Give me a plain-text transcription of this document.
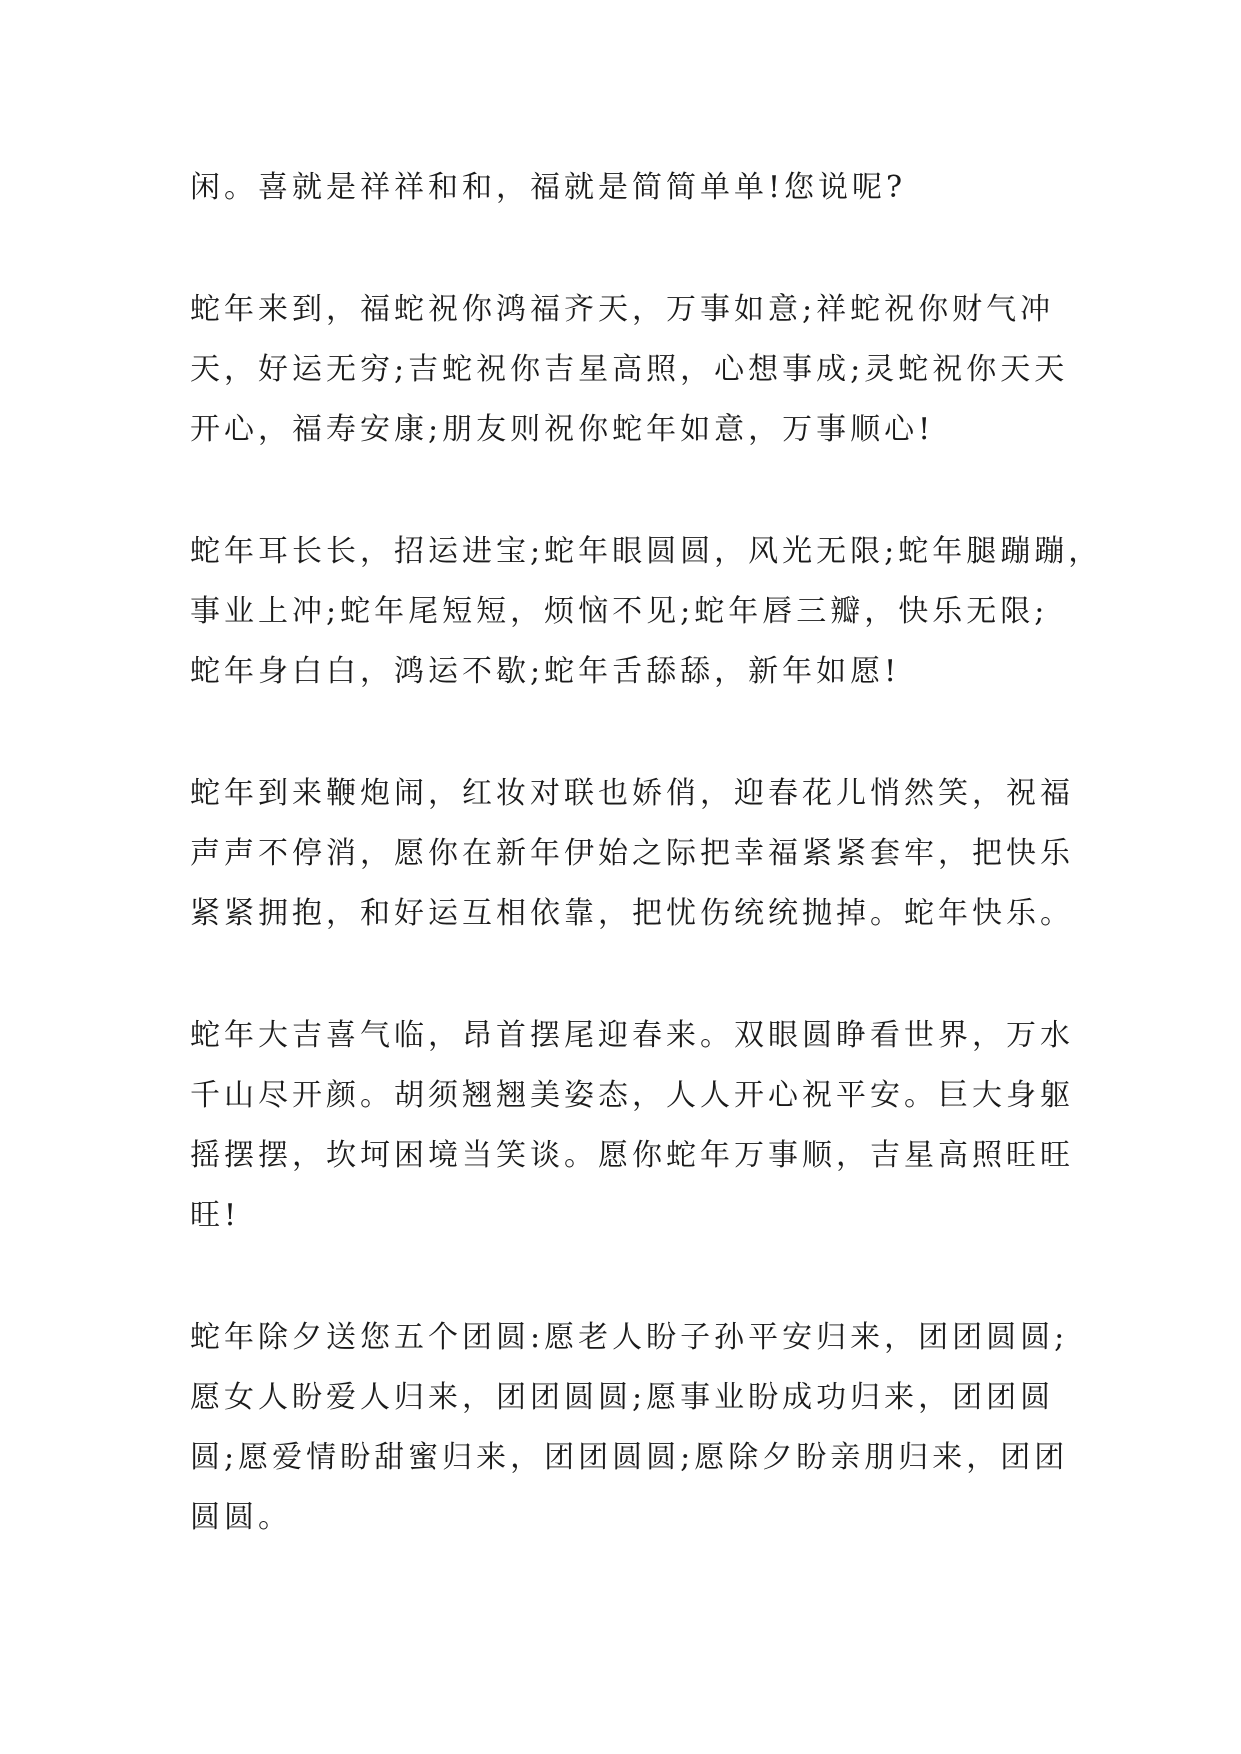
闲。喜就是祥祥和和，福就是简简单单!您说呢?
蛇年来到，福蛇祝你鸿福齐天，万事如意;祥蛇祝你财气冲
天，好运无穷;吉蛇祝你吉星高照，心想事成;灵蛇祝你天天
开心，福寿安康;朋友则祝你蛇年如意，万事顺心!
蛇年耳长长，招运进宝;蛇年眼圆圆，风光无限;蛇年腿蹦蹦，
事业上冲;蛇年尾短短，烦恼不见;蛇年唇三瓣，快乐无限;
蛇年身白白，鸿运不歇;蛇年舌舔舔，新年如愿!
蛇年到来鞭炮闹，红妆对联也娇俏，迎春花儿悄然笑，祝福
声声不停消，愿你在新年伊始之际把幸福紧紧套牢，把快乐
紧紧拥抱，和好运互相依靠，把忧伤统统抛掉。蛇年快乐。
蛇年大吉喜气临，昂首摆尾迎春来。双眼圆睁看世界，万水
千山尽开颜。胡须翘翘美姿态，人人开心祝平安。巨大身躯
摇摆摆，坎坷困境当笑谈。愿你蛇年万事顺，吉星高照旺旺
旺!
蛇年除夕送您五个团圆:愿老人盼子孙平安归来，团团圆圆;
愿女人盼爱人归来，团团圆圆;愿事业盼成功归来，团团圆
圆;愿爱情盼甜蜜归来，团团圆圆;愿除夕盼亲朋归来，团团
圆圆。
